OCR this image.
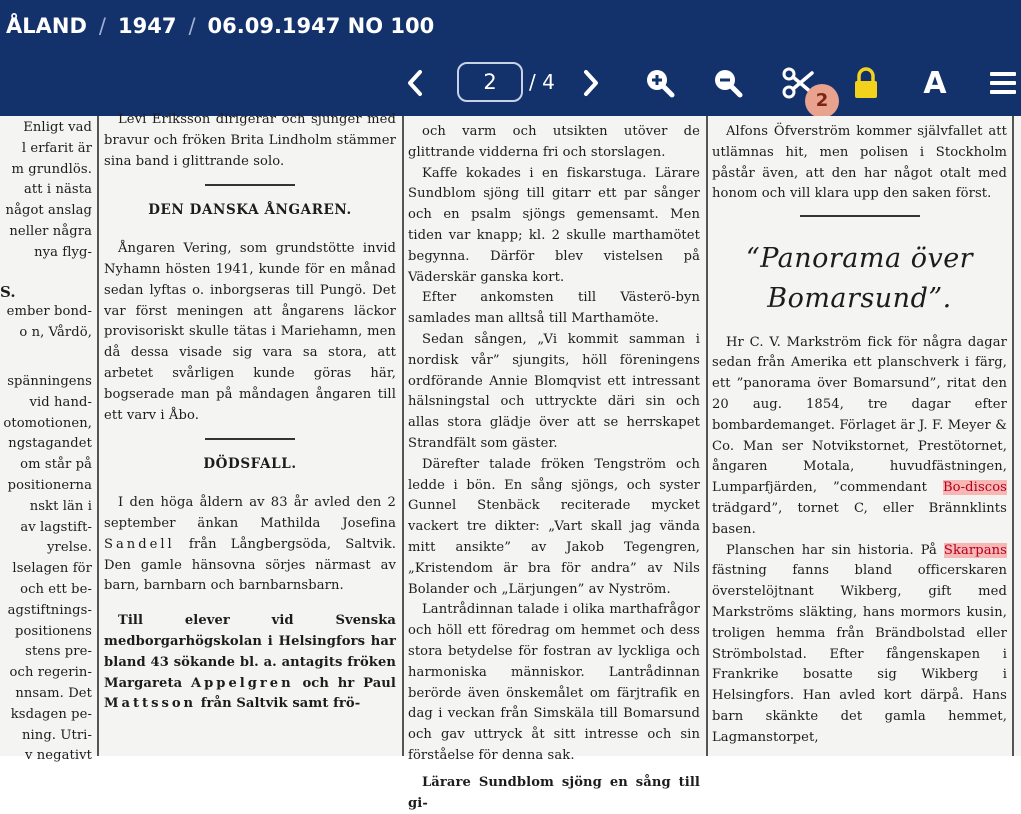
ÅLAND / 1947 / 06.09.1947 NO 100
2	/ 4
2	A
Enligt vad
l erfarit är
m grundlös.
att i nästa
något anslag
neller några
nya flyg-
S.
ember bond-
o n, Vårdö,
spänningens
vid hand-
otomotionen,
ngstagandet
om står på
positionerna
nskt län i
av lagstift-
yrelse.
lselagen för
och ett be-
agstiftnings-
positionens
stens pre-
och regerin-
nnsam. Det
ksdagen pe-
ning. Utri-
v negativt

Levi Eriksson dirigerar och sjunger med bravur och fröken Brita Lindholm stämmer sina band i glittrande solo.

DEN DANSKA ÅNGAREN.

Ångaren Vering, som grundstötte invid Nyhamn hösten 1941, kunde för en månad sedan lyftas o. inborgseras till Pungö. Det var först meningen att ångarens läckor provisoriskt skulle tätas i Mariehamn, men då dessa visade sig vara sa stora, att arbetet svårligen kunde göras här, bogserade man på måndagen ångaren till ett varv i Åbo.

DÖDSFALL.

I den höga åldern av 83 år avled den 2 september änkan Mathilda Josefina Sandell från Långbergsöda, Saltvik. Den gamle hänsovna sörjes närmast av barn, barnbarn och barnbarnsbarn.

Till elever vid Svenska medborgarhögskolan i Helsingfors har bland 43 sökande bl. a. antagits fröken Margareta Appelgren och hr Paul Mattsson från Saltvik samt frö-

och varm och utsikten utöver de glittrande vidderna fri och storslagen.

Kaffe kokades i en fiskarstuga. Lärare Sundblom sjöng till gitarr ett par sånger och en psalm sjöngs gemensamt. Men tiden var knapp; kl. 2 skulle marthamötet begynna. Därför blev vistelsen på Väderskär ganska kort.

Efter ankomsten till Västerö-byn samlades man alltså till Marthamöte.

Sedan sången, „Vi kommit samman i nordisk vår” sjungits, höll föreningens ordförande Annie Blomqvist ett intressant hälsningstal och uttryckte däri sin och allas stora glädje över att se herrskapet Strandfält som gäster.

Därefter talade fröken Tengström och ledde i bön. En sång sjöngs, och syster Gunnel Stenbäck reciterade mycket vackert tre dikter: „Vart skall jag vända mitt ansikte” av Jakob Tegengren, „Kristendom är bra för andra” av Nils Bolander och „Lärjungen” av Nyström.

Lantrådinnan talade i olika marthafrågor och höll ett föredrag om hemmet och dess stora betydelse för fostran av lyckliga och harmoniska människor. Lantrådinnan berörde även önskemålet om färjtrafik en dag i veckan från Simskäla till Bomarsund och gav uttryck åt sitt intresse och sin förståelse för denna sak.

Lärare Sundblom sjöng en sång till gi-

Alfons Öfverström kommer självfallet att utlämnas hit, men polisen i Stockholm påstår även, att den har något otalt med honom och vill klara upp den saken först.

“Panorama över
Bomarsund”.

Hr C. V. Markström fick för några dagar sedan från Amerika ett planschverk i färg, ett ”panorama över Bomarsund”, ritat den 20 aug. 1854, tre dagar efter bombardemanget. Förlaget är J. F. Meyer & Co. Man ser Notvikstornet, Prestötornet, ångaren Motala, huvudfästningen, Lumparfjärden, ”commendant Bo-discos trädgard”, tornet C, eller Brännklints basen.

Planschen har sin historia. På Skarpans fästning fanns bland officerskaren överstelöjtnant Wikberg, gift med Markströms släkting, hans mormors kusin, troligen hemma från Brändbolstad eller Strömbolstad. Efter fångenskapen i Frankrike bosatte sig Wikberg i Helsingfors. Han avled kort därpå. Hans barn skänkte det gamla hemmet, Lagmanstorpet,
